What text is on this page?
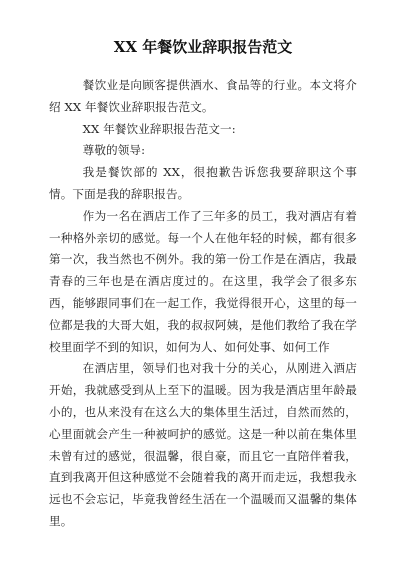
XX 年餐饮业辞职报告范文

餐饮业是向顾客提供酒水、食品等的行业。本文将介绍 XX 年餐饮业辞职报告范文。

XX 年餐饮业辞职报告范文一:

尊敬的领导:

我是餐饮部的 XX，很抱歉告诉您我要辞职这个事情。下面是我的辞职报告。

作为一名在酒店工作了三年多的员工，我对酒店有着一种格外亲切的感觉。每一个人在他年轻的时候，都有很多第一次，我当然也不例外。我的第一份工作是在酒店，我最青春的三年也是在酒店度过的。在这里，我学会了很多东西，能够跟同事们在一起工作，我觉得很开心，这里的每一位都是我的大哥大姐，我的叔叔阿姨，是他们教给了我在学校里面学不到的知识，如何为人、如何处事、如何工作

在酒店里，领导们也对我十分的关心，从刚进入酒店开始，我就感受到从上至下的温暖。因为我是酒店里年龄最小的，也从来没有在这么大的集体里生活过，自然而然的，心里面就会产生一种被呵护的感觉。这是一种以前在集体里未曾有过的感觉，很温馨，很自豪，而且它一直陪伴着我，直到我离开但这种感觉不会随着我的离开而走远，我想我永远也不会忘记，毕竟我曾经生活在一个温暖而又温馨的集体里。
